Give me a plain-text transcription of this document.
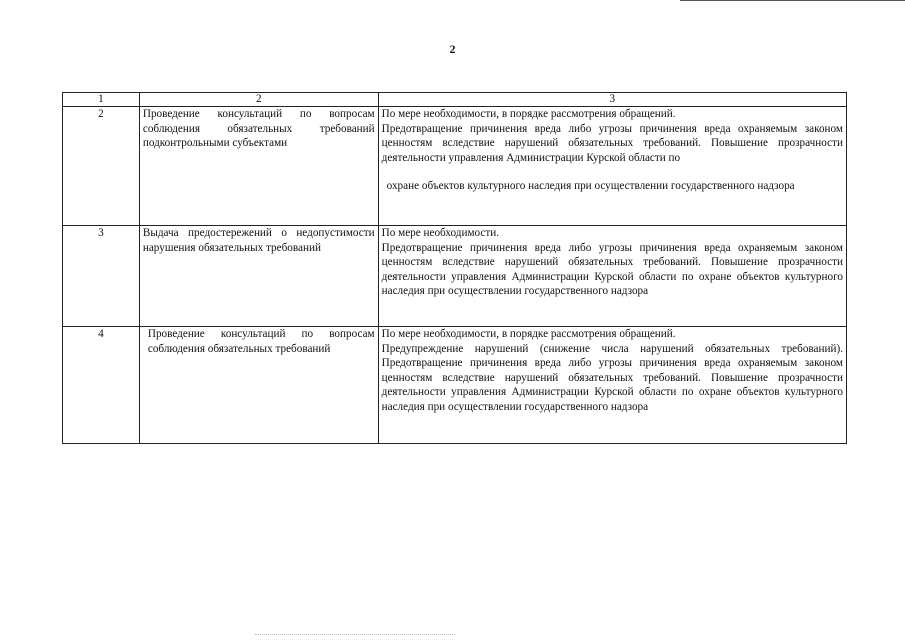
2
1	2	3
2	Проведение консультаций по вопросам соблюдения обязательных требований подконтрольными субъектами	По мере необходимости, в порядке рассмотрения обращений.
Предотвращение причинения вреда либо угрозы причинения вреда охраняемым законом ценностям вследствие нарушений обязательных требований. Повышение прозрачности деятельности управления Администрации Курской области по
охране объектов культурного наследия при осуществлении государственного надзора

3	Выдача предостережений о недопустимости нарушения обязательных требований	По мере необходимости.
Предотвращение причинения вреда либо угрозы причинения вреда охраняемым законом ценностям вследствие нарушений обязательных требований. Повышение прозрачности деятельности управления Администрации Курской области по охране объектов культурного наследия при осуществлении государственного надзора

4	Проведение консультаций по вопросам соблюдения обязательных требований	По мере необходимости, в порядке рассмотрения обращений.
Предупреждение нарушений (снижение числа нарушений обязательных требований). Предотвращение причинения вреда либо угрозы причинения вреда охраняемым законом ценностям вследствие нарушений обязательных требований. Повышение прозрачности деятельности управления Администрации Курской области по охране объектов культурного наследия при осуществлении государственного надзора
